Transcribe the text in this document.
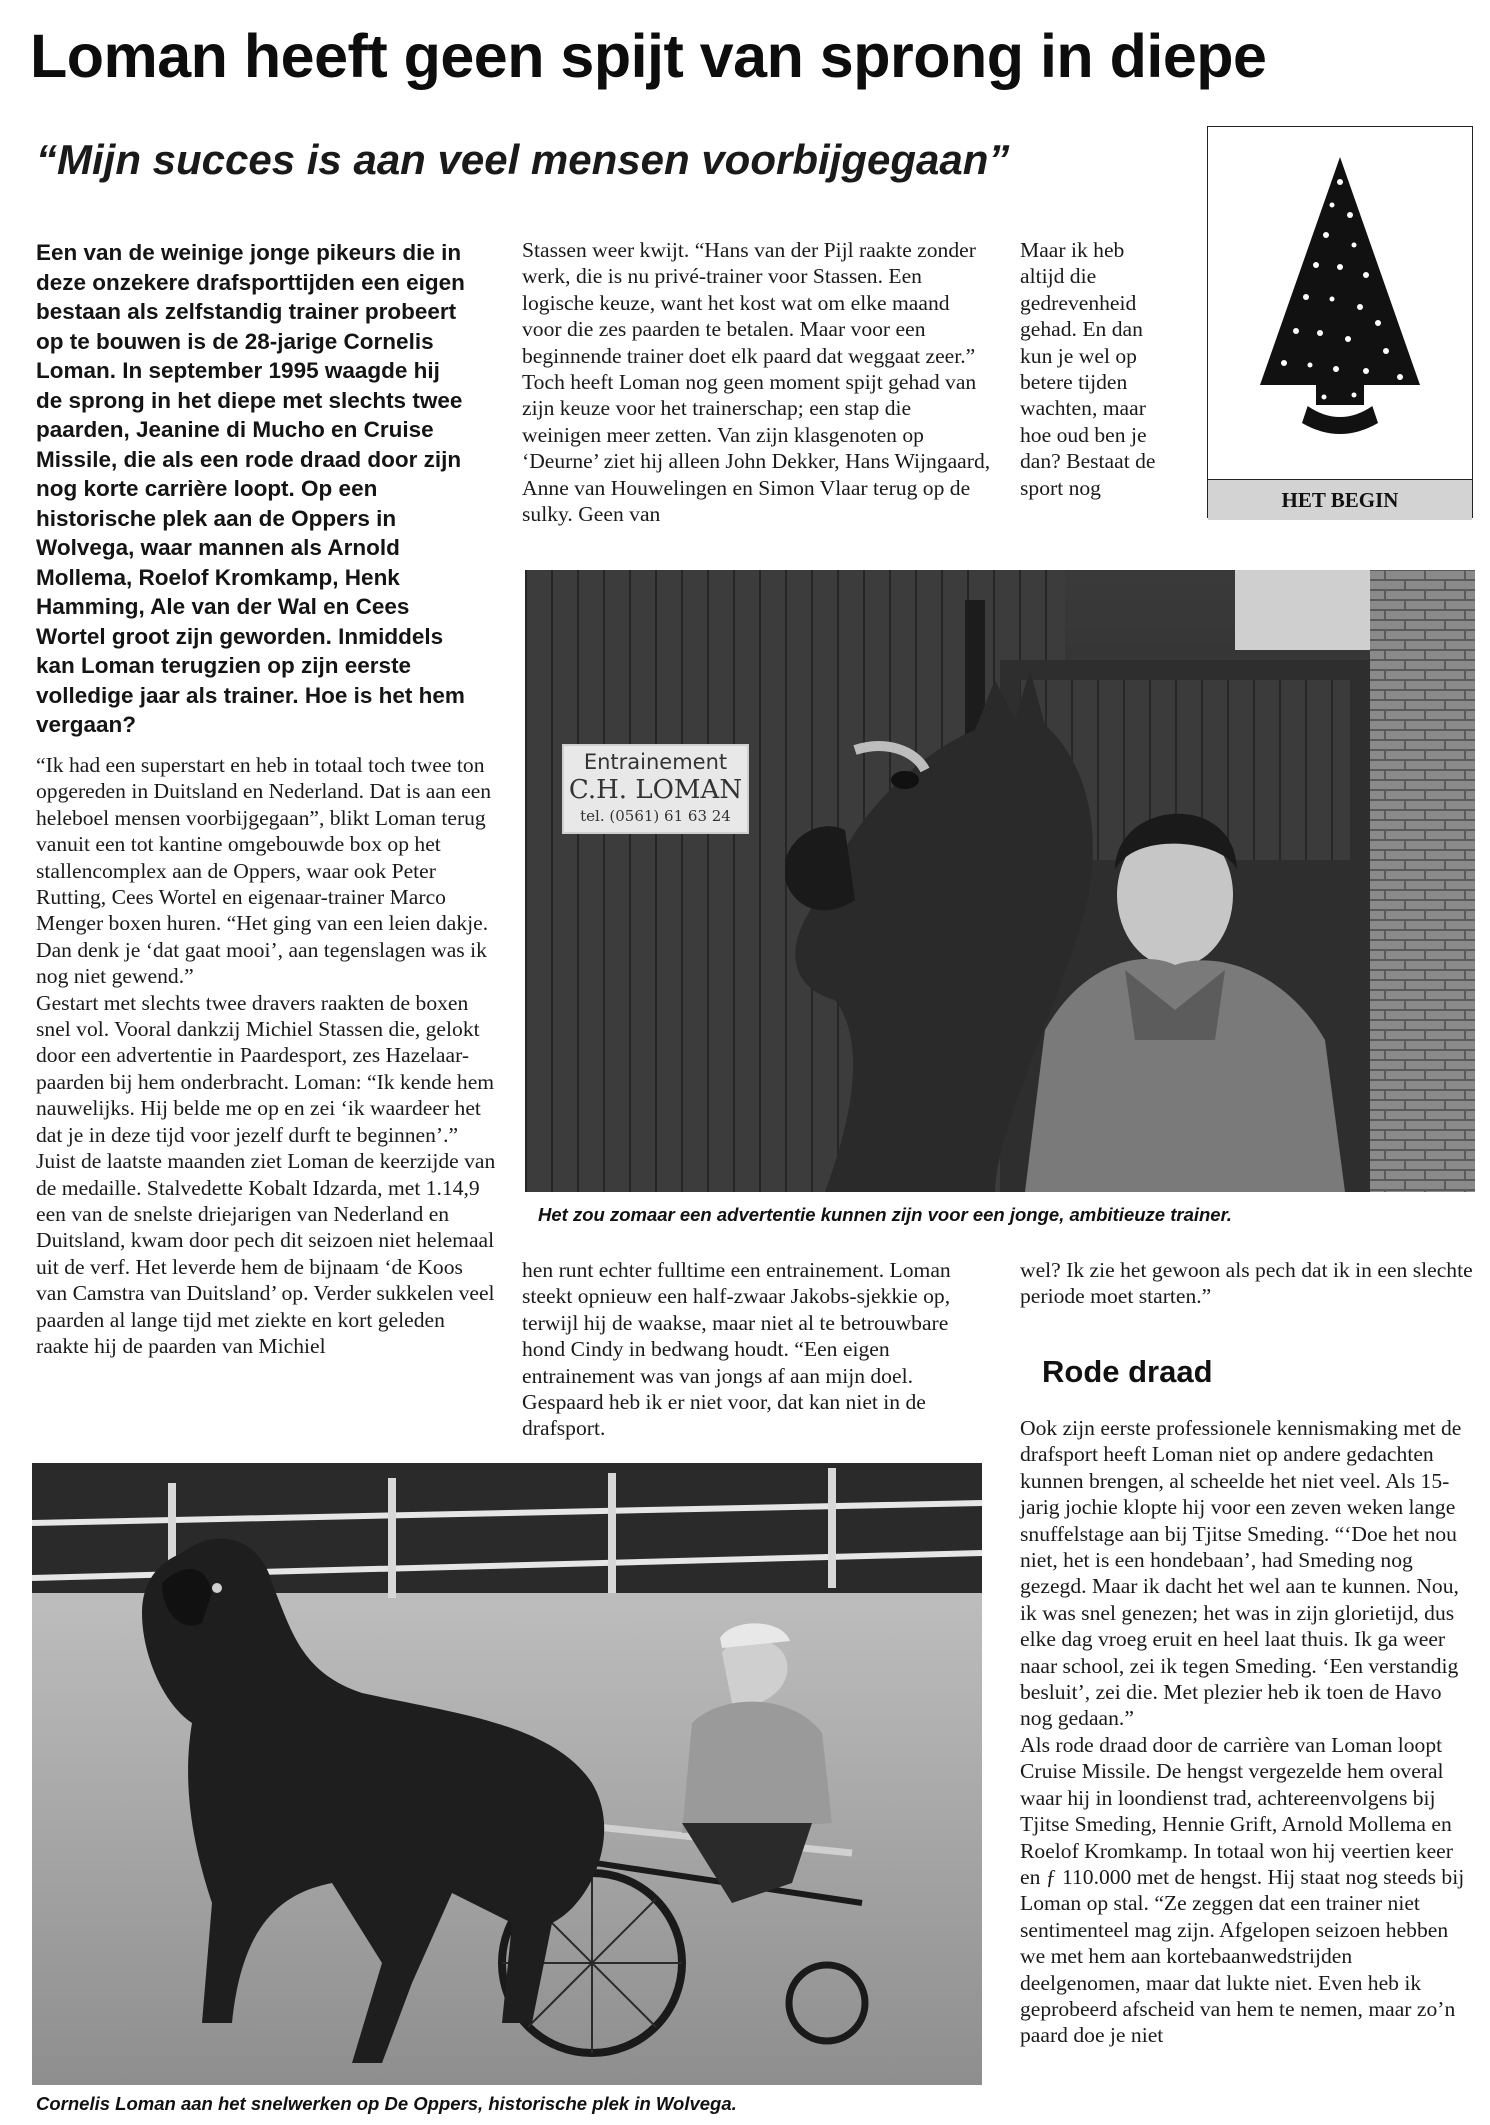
Loman heeft geen spijt van sprong in diepe
“Mijn succes is aan veel mensen voorbijgegaan”

Een van de weinige jonge pikeurs die in deze onzekere drafsporttijden een eigen bestaan als zelfstandig trainer probeert op te bouwen is de 28-jarige Cornelis Loman. In september 1995 waagde hij de sprong in het diepe met slechts twee paarden, Jeanine di Mucho en Cruise Missile, die als een rode draad door zijn nog korte carrière loopt. Op een historische plek aan de Oppers in Wolvega, waar mannen als Arnold Mollema, Roelof Kromkamp, Henk Hamming, Ale van der Wal en Cees Wortel groot zijn geworden. Inmiddels kan Loman terugzien op zijn eerste volledige jaar als trainer. Hoe is het hem vergaan?

“Ik had een superstart en heb in totaal toch twee ton opgereden in Duitsland en Nederland. Dat is aan een heleboel mensen voorbijgegaan”, blikt Loman terug vanuit een tot kantine omgebouwde box op het stallencomplex aan de Oppers, waar ook Peter Rutting, Cees Wortel en eigenaar-trainer Marco Menger boxen huren. “Het ging van een leien dakje. Dan denk je ‘dat gaat mooi’, aan tegenslagen was ik nog niet gewend.”

Gestart met slechts twee dravers raakten de boxen snel vol. Vooral dankzij Michiel Stassen die, gelokt door een advertentie in Paardesport, zes Hazelaar-paarden bij hem onderbracht. Loman: “Ik kende hem nauwelijks. Hij belde me op en zei ‘ik waardeer het dat je in deze tijd voor jezelf durft te beginnen’.”

Juist de laatste maanden ziet Loman de keerzijde van de medaille. Stalvedette Kobalt Idzarda, met 1.14,9 een van de snelste driejarigen van Nederland en Duitsland, kwam door pech dit seizoen niet helemaal uit de verf. Het leverde hem de bijnaam ‘de Koos van Camstra van Duitsland’ op. Verder sukkelen veel paarden al lange tijd met ziekte en kort geleden raakte hij de paarden van Michiel

Stassen weer kwijt. “Hans van der Pijl raakte zonder werk, die is nu privé-trainer voor Stassen. Een logische keuze, want het kost wat om elke maand voor die zes paarden te betalen. Maar voor een beginnende trainer doet elk paard dat weggaat zeer.” Toch heeft Loman nog geen moment spijt gehad van zijn keuze voor het trainerschap; een stap die weinigen meer zetten. Van zijn klasgenoten op ‘Deurne’ ziet hij alleen John Dekker, Hans Wijngaard, Anne van Houwelingen en Simon Vlaar terug op de sulky. Geen van

Maar ik heb altijd die gedrevenheid gehad. En dan kun je wel op betere tijden wachten, maar hoe oud ben je dan? Bestaat de sport nog

HET BEGIN
Entrainement
C.H. LOMAN
tel. (0561) 61 63 24
Het zou zomaar een advertentie kunnen zijn voor een jonge, ambitieuze trainer.

hen runt echter fulltime een entrainement. Loman steekt opnieuw een half-zwaar Jakobs-sjekkie op, terwijl hij de waakse, maar niet al te betrouwbare hond Cindy in bedwang houdt. “Een eigen entrainement was van jongs af aan mijn doel. Gespaard heb ik er niet voor, dat kan niet in de drafsport.

wel? Ik zie het gewoon als pech dat ik in een slechte periode moet starten.”

Rode draad

Ook zijn eerste professionele kennismaking met de drafsport heeft Loman niet op andere gedachten kunnen brengen, al scheelde het niet veel. Als 15-jarig jochie klopte hij voor een zeven weken lange snuffelstage aan bij Tjitse Smeding. “‘Doe het nou niet, het is een hondebaan’, had Smeding nog gezegd. Maar ik dacht het wel aan te kunnen. Nou, ik was snel genezen; het was in zijn glorietijd, dus elke dag vroeg eruit en heel laat thuis. Ik ga weer naar school, zei ik tegen Smeding. ‘Een verstandig besluit’, zei die. Met plezier heb ik toen de Havo nog gedaan.”

Als rode draad door de carrière van Loman loopt Cruise Missile. De hengst vergezelde hem overal waar hij in loondienst trad, achtereenvolgens bij Tjitse Smeding, Hennie Grift, Arnold Mollema en Roelof Kromkamp. In totaal won hij veertien keer en ƒ 110.000 met de hengst. Hij staat nog steeds bij Loman op stal. “Ze zeggen dat een trainer niet sentimenteel mag zijn. Afgelopen seizoen hebben we met hem aan kortebaanwedstrijden deelgenomen, maar dat lukte niet. Even heb ik geprobeerd afscheid van hem te nemen, maar zo’n paard doe je niet

Cornelis Loman aan het snelwerken op De Oppers, historische plek in Wolvega.
